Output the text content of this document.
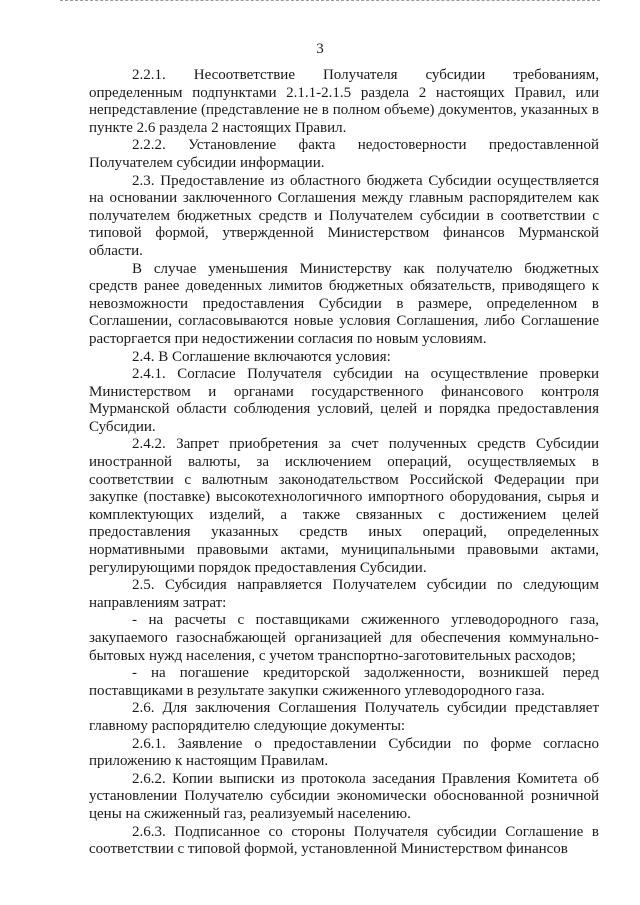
3

2.2.1. Несоответствие Получателя субсидии требованиям, определенным подпунктами 2.1.1-2.1.5 раздела 2 настоящих Правил, или непредставление (представление не в полном объеме) документов, указанных в пункте 2.6 раздела 2 настоящих Правил.

2.2.2. Установление факта недостоверности предоставленной Получателем субсидии информации.

2.3. Предоставление из областного бюджета Субсидии осуществляется на основании заключенного Соглашения между главным распорядителем как получателем бюджетных средств и Получателем субсидии в соответствии с типовой формой, утвержденной Министерством финансов Мурманской области.

В случае уменьшения Министерству как получателю бюджетных средств ранее доведенных лимитов бюджетных обязательств, приводящего к невозможности предоставления Субсидии в размере, определенном в Соглашении, согласовываются новые условия Соглашения, либо Соглашение расторгается при недостижении согласия по новым условиям.

2.4. В Соглашение включаются условия:

2.4.1. Согласие Получателя субсидии на осуществление проверки Министерством и органами государственного финансового контроля Мурманской области соблюдения условий, целей и порядка предоставления Субсидии.

2.4.2. Запрет приобретения за счет полученных средств Субсидии иностранной валюты, за исключением операций, осуществляемых в соответствии с валютным законодательством Российской Федерации при закупке (поставке) высокотехнологичного импортного оборудования, сырья и комплектующих изделий, а также связанных с достижением целей предоставления указанных средств иных операций, определенных нормативными правовыми актами, муниципальными правовыми актами, регулирующими порядок предоставления Субсидии.

2.5. Субсидия направляется Получателем субсидии по следующим направлениям затрат:

- на расчеты с поставщиками сжиженного углеводородного газа, закупаемого газоснабжающей организацией для обеспечения коммунально-бытовых нужд населения, с учетом транспортно-заготовительных расходов;

- на погашение кредиторской задолженности, возникшей перед поставщиками в результате закупки сжиженного углеводородного газа.

2.6. Для заключения Соглашения Получатель субсидии представляет главному распорядителю следующие документы:

2.6.1. Заявление о предоставлении Субсидии по форме согласно приложению к настоящим Правилам.

2.6.2. Копии выписки из протокола заседания Правления Комитета об установлении Получателю субсидии экономически обоснованной розничной цены на сжиженный газ, реализуемый населению.

2.6.3. Подписанное со стороны Получателя субсидии Соглашение в соответствии с типовой формой, установленной Министерством финансов
